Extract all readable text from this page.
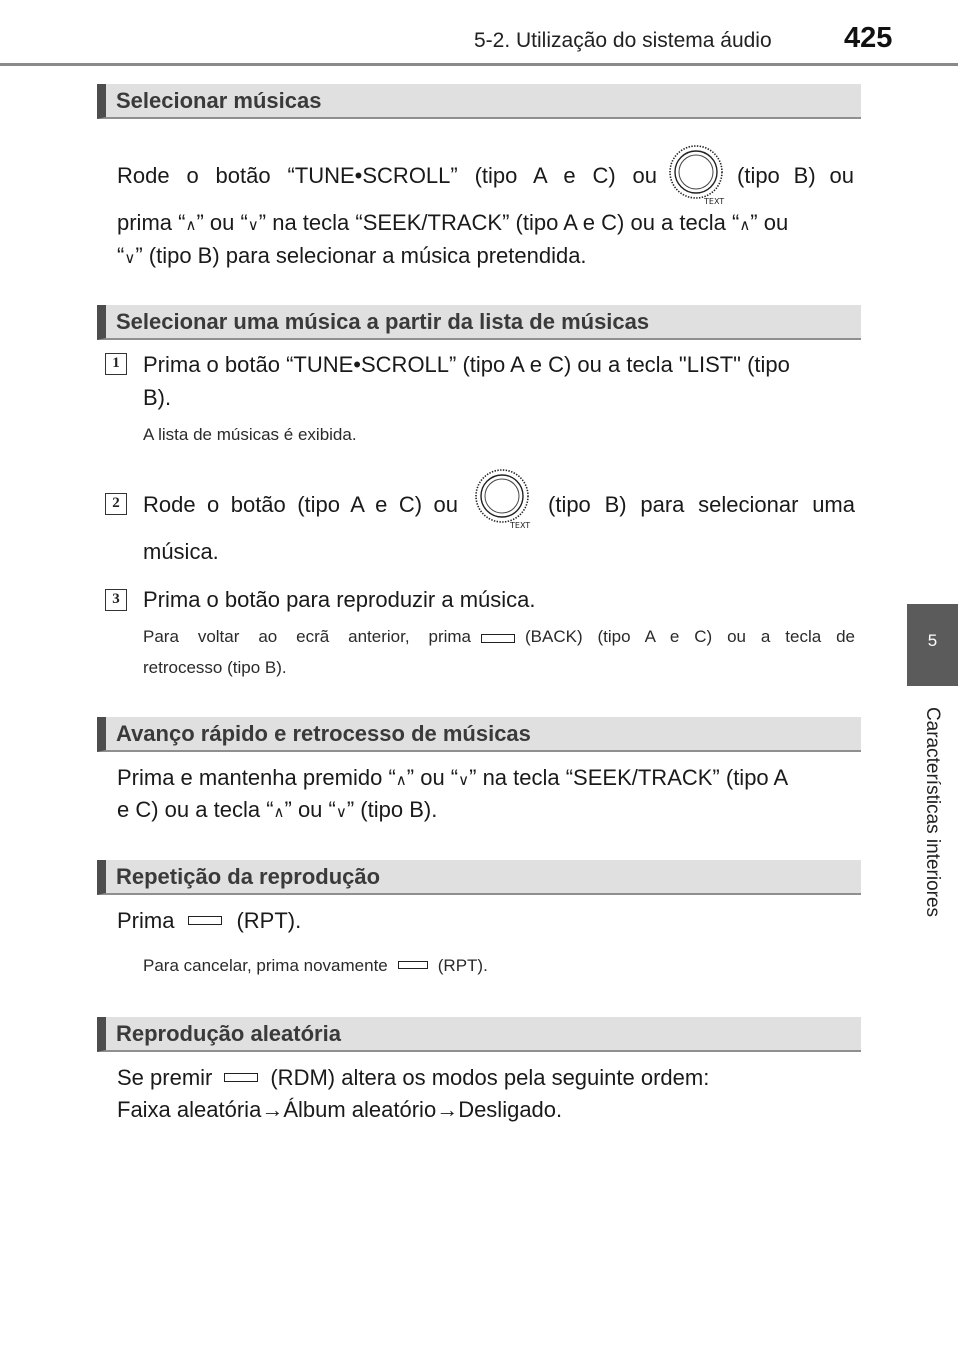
5-2. Utilização do sistema áudio 425
5
Características interiores
Selecionar músicas
Rode o botão “TUNE•SCROLL” (tipo A e C) ou
TEXT
(tipo B) ou
prima “∧” ou “∨” na tecla “SEEK/TRACK” (tipo A e C) ou a tecla “∧” ou
“∨” (tipo B) para selecionar a música pretendida.
Selecionar uma música a partir da lista de músicas
1	Prima o botão “TUNE•SCROLL” (tipo A e C) ou a tecla "LIST" (tipo
B).
A lista de músicas é exibida.
2	Rode o botão (tipo A e C) ou
TEXT
(tipo B) para selecionar uma
música.
3	Prima o botão para reproduzir a música.
Para voltar ao ecrã anterior, prima	(BACK) (tipo A e C) ou a tecla de
retrocesso (tipo B).
Avanço rápido e retrocesso de músicas
Prima e mantenha premido “∧” ou “∨” na tecla “SEEK/TRACK” (tipo A
e C) ou a tecla “∧” ou “∨” (tipo B).
Repetição da reprodução
Prima	(RPT).
Para cancelar, prima novamente	(RPT).
Reprodução aleatória
Se premir	(RDM) altera os modos pela seguinte ordem:
Faixa aleatória→Álbum aleatório→Desligado.
